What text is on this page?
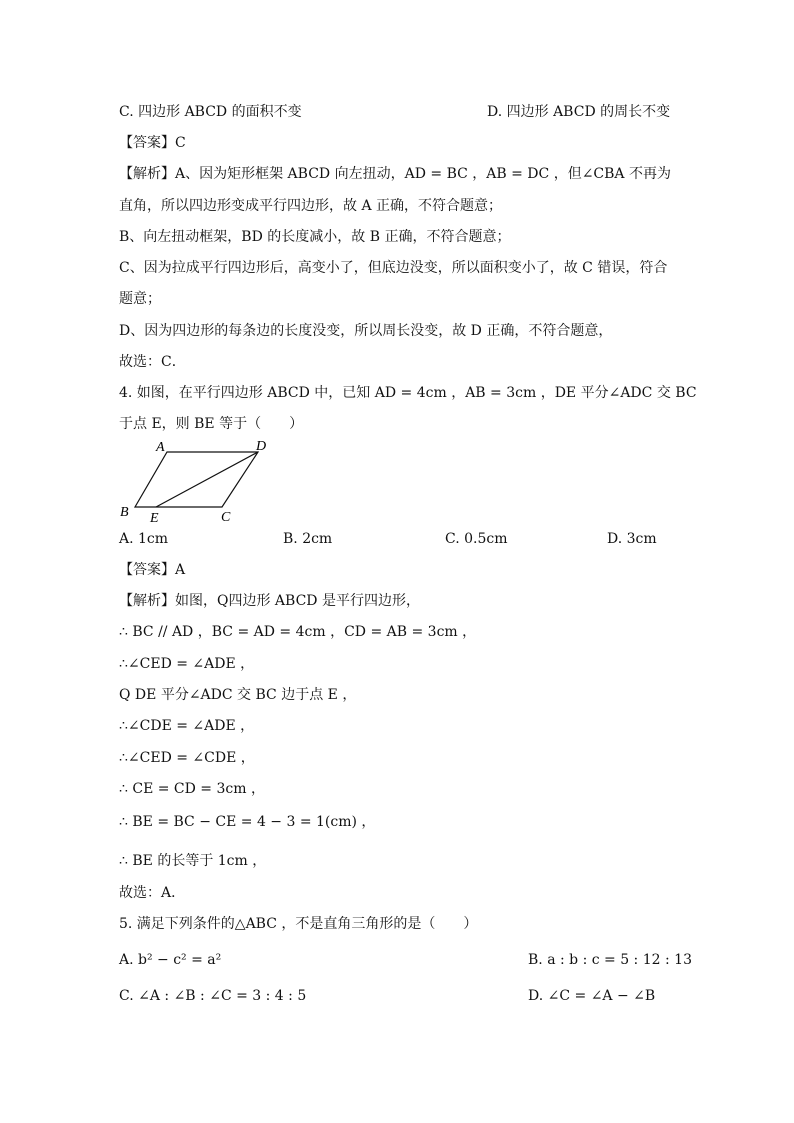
C. 四边形 ABCD 的面积不变	D. 四边形 ABCD 的周长不变
【答案】C
【解析】A、因为矩形框架 ABCD 向左扭动，AD = BC ，AB = DC ，但∠CBA 不再为
直角，所以四边形变成平行四边形，故 A 正确，不符合题意；
B、向左扭动框架，BD 的长度减小，故 B 正确，不符合题意；
C、因为拉成平行四边形后，高变小了，但底边没变，所以面积变小了，故 C 错误，符合
题意；
D、因为四边形的每条边的长度没变，所以周长没变，故 D 正确，不符合题意，
故选：C．
4. 如图，在平行四边形 ABCD 中，已知 AD = 4cm ，AB = 3cm ，DE 平分∠ADC 交 BC
于点 E，则 BE 等于（　　）
A	D
B E	C
A. 1cm	B. 2cm	C. 0.5cm	D. 3cm
【答案】A
【解析】如图，Q四边形 ABCD 是平行四边形，
∴ BC // AD ，BC = AD = 4cm ，CD = AB = 3cm ，
∴∠CED = ∠ADE ，
Q DE 平分∠ADC 交 BC 边于点 E ，
∴∠CDE = ∠ADE ，
∴∠CED = ∠CDE ，
∴ CE = CD = 3cm ，
∴ BE = BC − CE = 4 − 3 = 1(cm) ，
∴ BE 的长等于 1cm ，
故选：A．
5. 满足下列条件的△ABC ，不是直角三角形的是（　　）
A. b² − c² = a²	B. a : b : c = 5 : 12 : 13
C. ∠A : ∠B : ∠C = 3 : 4 : 5	D. ∠C = ∠A − ∠B
